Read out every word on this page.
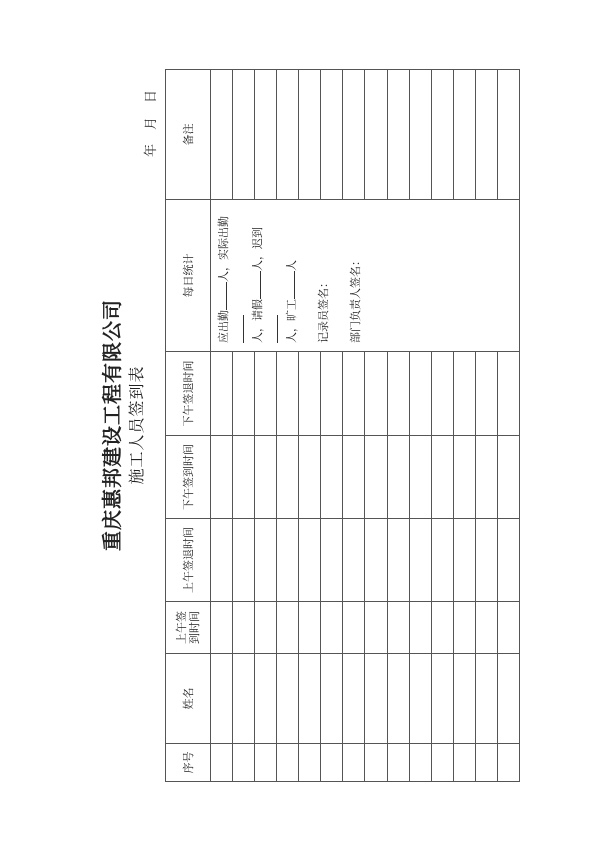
重庆惠邦建设工程有限公司 施工人员签到表
年
月
日
序号	姓名	上午签 到时间	上午签退时间	下午签到时间	下午签退时间	每日统计	备注

						应出勤人，实际出勤

人，请假人，迟到

人，旷工人

记录员签名： 部门负责人签名：	
